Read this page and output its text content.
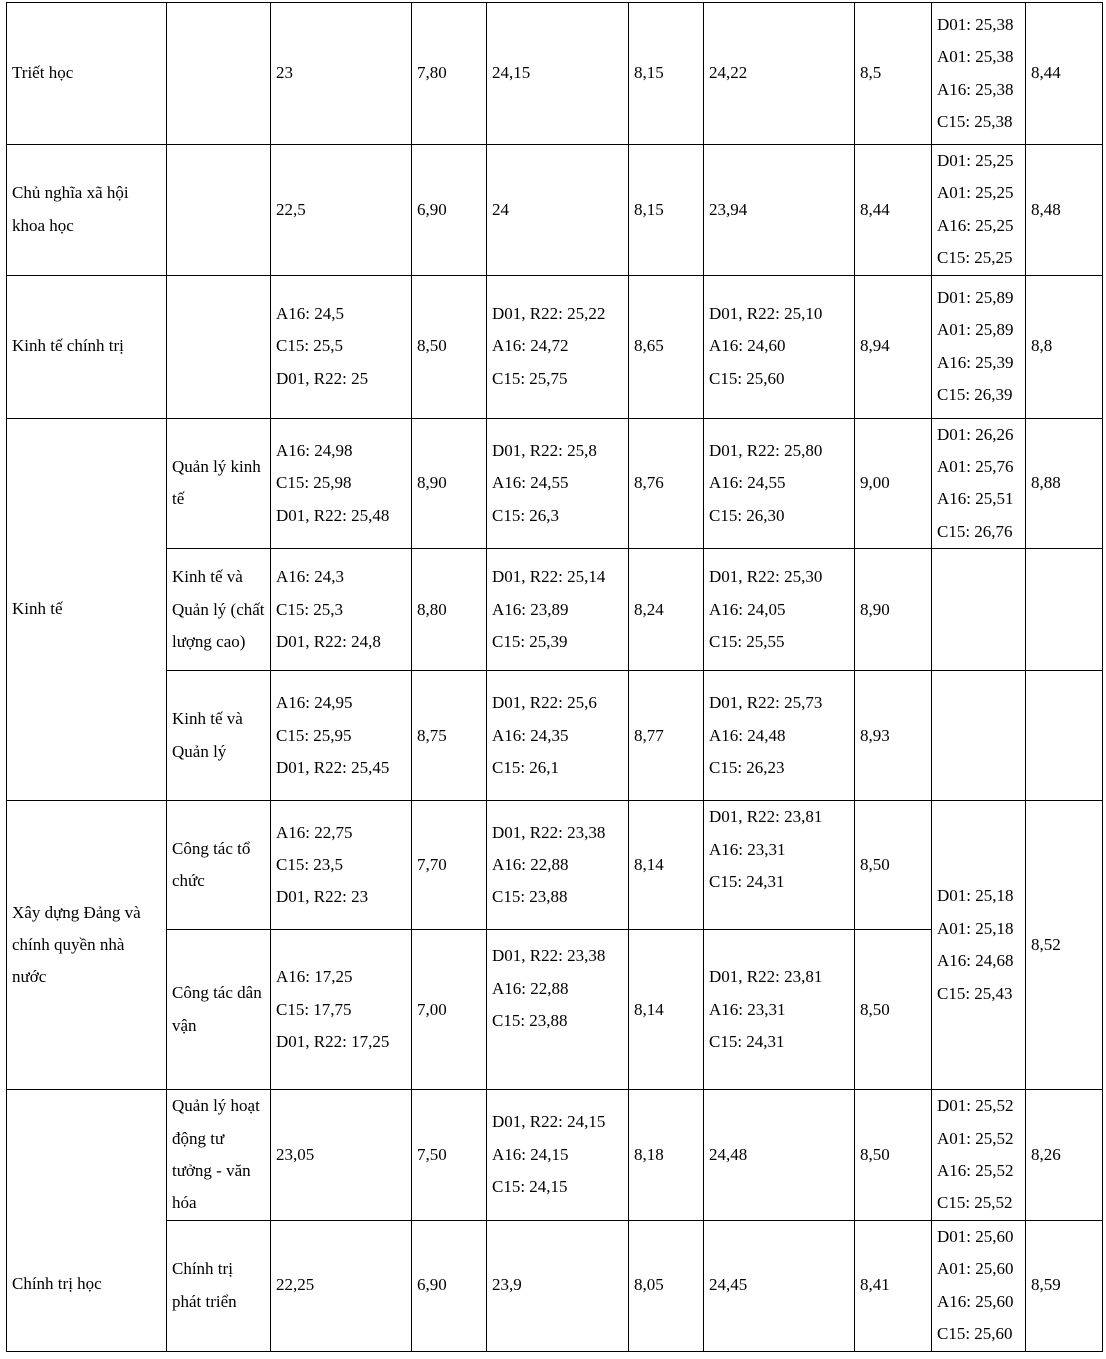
Triết học		23	7,80	24,15	8,15	24,22	8,5	D01: 25,38
A01: 25,38
A16: 25,38
C15: 25,38	8,44
Chủ nghĩa xã hội khoa học		22,5	6,90	24	8,15	23,94	8,44	D01: 25,25
A01: 25,25
A16: 25,25
C15: 25,25	8,48
Kinh tế chính trị		A16: 24,5
C15: 25,5
D01, R22: 25	8,50	D01, R22: 25,22
A16: 24,72
C15: 25,75	8,65	D01, R22: 25,10
A16: 24,60
C15: 25,60	8,94	D01: 25,89
A01: 25,89
A16: 25,39
C15: 26,39	8,8
Kinh tế	Quản lý kinh tế	A16: 24,98
C15: 25,98
D01, R22: 25,48	8,90	D01, R22: 25,8
A16: 24,55
C15: 26,3	8,76	D01, R22: 25,80
A16: 24,55
C15: 26,30	9,00	D01: 26,26
A01: 25,76
A16: 25,51
C15: 26,76	8,88
	Kinh tế và Quản lý (chất lượng cao)	A16: 24,3
C15: 25,3
D01, R22: 24,8	8,80	D01, R22: 25,14
A16: 23,89
C15: 25,39	8,24	D01, R22: 25,30
A16: 24,05
C15: 25,55	8,90		
	Kinh tế và Quản lý	A16: 24,95
C15: 25,95
D01, R22: 25,45	8,75	D01, R22: 25,6
A16: 24,35
C15: 26,1	8,77	D01, R22: 25,73
A16: 24,48
C15: 26,23	8,93		
Xây dựng Đảng và chính quyền nhà nước	Công tác tổ chức	A16: 22,75
C15: 23,5
D01, R22: 23	7,70	D01, R22: 23,38
A16: 22,88
C15: 23,88	8,14	D01, R22: 23,81
A16: 23,31
C15: 24,31	8,50	D01: 25,18
A01: 25,18
A16: 24,68
C15: 25,43	8,52
	Công tác dân vận	A16: 17,25
C15: 17,75
D01, R22: 17,25	7,00	D01, R22: 23,38
A16: 22,88
C15: 23,88	8,14	D01, R22: 23,81
A16: 23,31
C15: 24,31	8,50		
Chính trị học	Quản lý hoạt động tư tưởng - văn hóa	23,05	7,50	D01, R22: 24,15
A16: 24,15
C15: 24,15	8,18	24,48	8,50	D01: 25,52
A01: 25,52
A16: 25,52
C15: 25,52	8,26
	Chính trị phát triển	22,25	6,90	23,9	8,05	24,45	8,41	D01: 25,60
A01: 25,60
A16: 25,60
C15: 25,60	8,59
